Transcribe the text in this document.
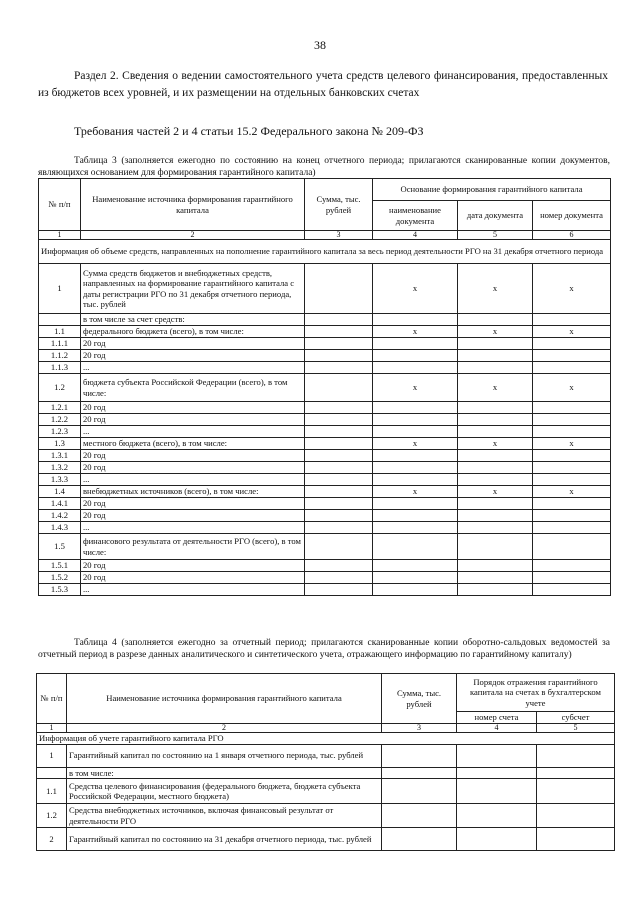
38
Раздел 2. Сведения о ведении самостоятельного учета средств целевого финансирования, предоставленных из бюджетов всех уровней, и их размещении на отдельных банковских счетах
Требования частей 2 и 4 статьи 15.2 Федерального закона № 209-ФЗ
Таблица 3 (заполняется ежегодно по состоянию на конец отчетного периода; прилагаются сканированные копии документов, являющихся основанием для формирования гарантийного капитала)
№ п/п	Наименование источника формирования гарантийного капитала	Сумма, тыс. рублей	Основание формирования гарантийного капитала		
			наименование документа	дата документа	номер документа
1	2	3	4	5	6
Информация об объеме средств, направленных на пополнение гарантийного капитала за весь период деятельности РГО на 31 декабря отчетного периода					
1	Сумма средств бюджетов и внебюджетных средств, направленных на формирование гарантийного капитала с даты регистрации РГО по 31 декабря отчетного периода, тыс. рублей		x	x	x
	в том числе за счет средств:				
1.1	федерального бюджета (всего), в том числе:		x	x	x
1.1.1	20 год				
1.1.2	20 год				
1.1.3	...				
1.2	бюджета субъекта Российской Федерации (всего), в том числе:		x	x	x
1.2.1	20 год				
1.2.2	20 год				
1.2.3	...				
1.3	местного бюджета (всего), в том числе:		x	x	x
1.3.1	20 год				
1.3.2	20 год				
1.3.3	...				
1.4	внебюджетных источников (всего), в том числе:		x	x	x
1.4.1	20 год				
1.4.2	20 год				
1.4.3	...				
1.5	финансового результата от деятельности РГО (всего), в том числе:				
1.5.1	20 год				
1.5.2	20 год				
1.5.3	...				
Таблица 4 (заполняется ежегодно за отчетный период; прилагаются сканированные копии оборотно-сальдовых ведомостей за отчетный период в разрезе данных аналитического и синтетического учета, отражающего информацию по гарантийному капиталу)
№ п/п	Наименование источника формирования гарантийного капитала	Сумма, тыс. рублей	Порядок отражения гарантийного капитала на счетах в бухгалтерском учете	
			номер счета	субсчет
1	2	3	4	5
Информация об учете гарантийного капитала РГО				
1	Гарантийный капитал по состоянию на 1 января отчетного периода, тыс. рублей			
	в том числе:			
1.1	Средства целевого финансирования (федерального бюджета, бюджета субъекта Российской Федерации, местного бюджета)			
1.2	Средства внебюджетных источников, включая финансовый результат от деятельности РГО			
2	Гарантийный капитал по состоянию на 31 декабря отчетного периода, тыс. рублей			
